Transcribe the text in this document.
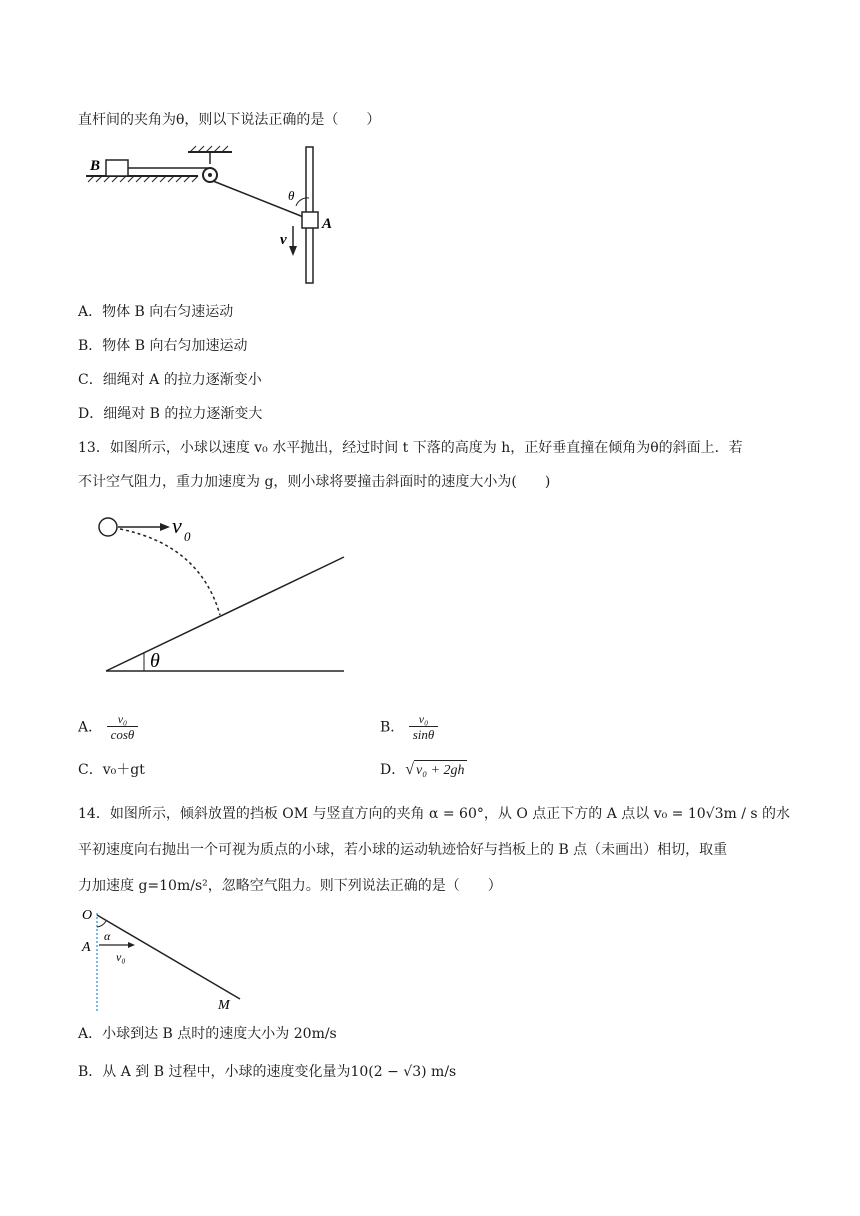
直杆间的夹角为θ，则以下说法正确的是（　　）
B
A
θ
v
A．物体 B 向右匀速运动
B．物体 B 向右匀加速运动
C．细绳对 A 的拉力逐渐变小
D．细绳对 B 的拉力逐渐变大
13．如图所示，小球以速度 v₀ 水平抛出，经过时间 t 下落的高度为 h，正好垂直撞在倾角为θ的斜面上．若
不计空气阻力，重力加速度为 g，则小球将要撞击斜面时的速度大小为(　　)
v 0
θ
A． $\frac{\text{v₀}}{\cos\theta}$	B． $\frac{\text{v₀}}{\sin\theta}$
C．v₀＋gt	D．√ v₀ + 2gh
14．如图所示，倾斜放置的挡板 OM 与竖直方向的夹角 α = 60°，从 O 点正下方的 A 点以 v₀ = 10√3m / s 的水
平初速度向右抛出一个可视为质点的小球，若小球的运动轨迹恰好与挡板上的 B 点（未画出）相切，取重
力加速度 g=10m/s²，忽略空气阻力。则下列说法正确的是（　　）
O
M
α
A
v₀
A．小球到达 B 点时的速度大小为 20m/s
B．从 A 到 B 过程中，小球的速度变化量为10(2 − √3) m/s
